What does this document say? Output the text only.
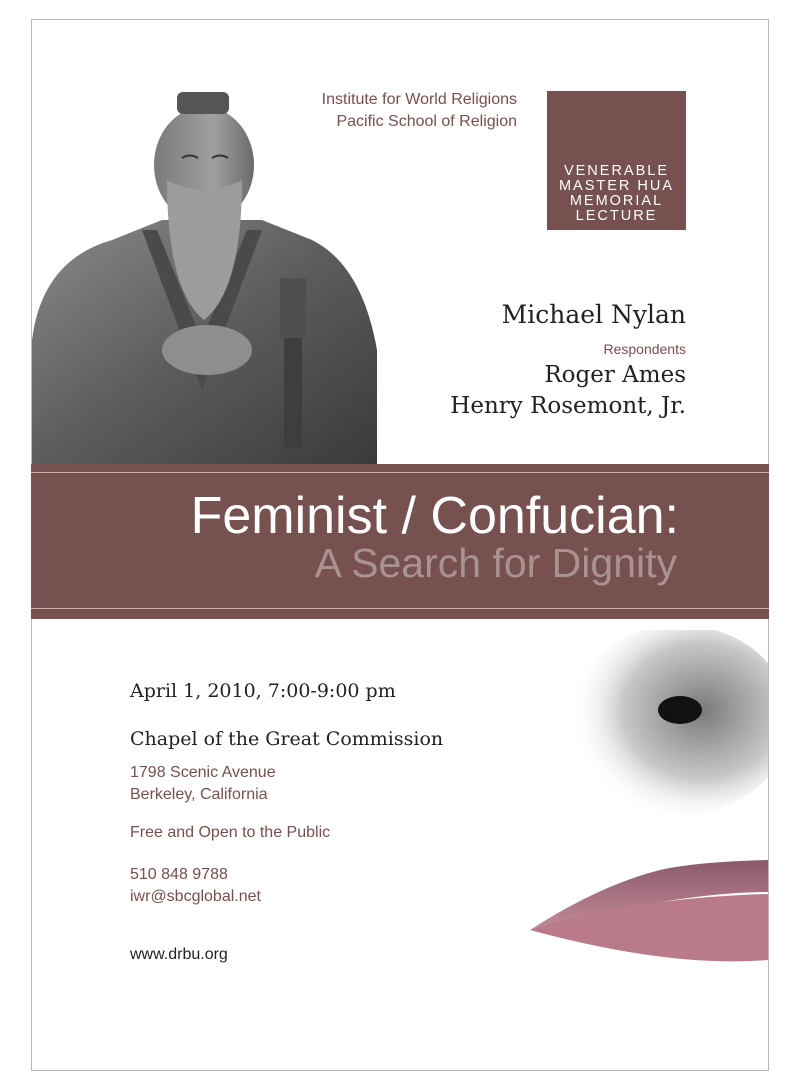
Institute for World Religions
Pacific School of Religion
VENERABLE
MASTER HUA
MEMORIAL
LECTURE
Michael Nylan
Respondents
Roger Ames
Henry Rosemont, Jr.
Feminist / Confucian:
A Search for Dignity
April 1, 2010, 7:00-9:00 pm
Chapel of the Great Commission
1798 Scenic Avenue
Berkeley, California
Free and Open to the Public
510 848 9788
iwr@sbcglobal.net
www.drbu.org
